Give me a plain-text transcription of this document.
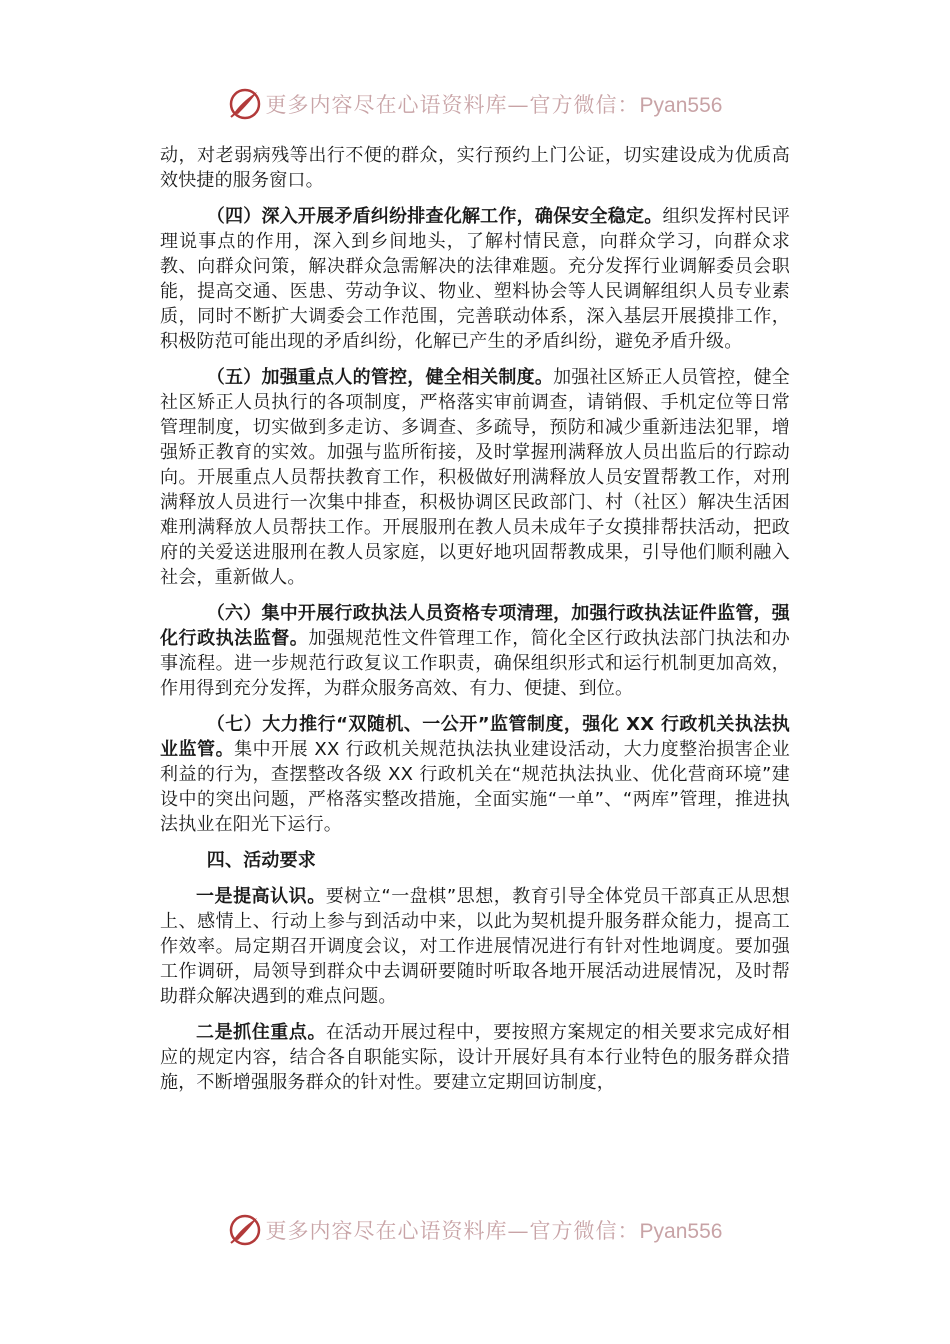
更多内容尽在心语资料库—官方微信：Pyan556

动，对老弱病残等出行不便的群众，实行预约上门公证，切实建设成为优质高效快捷的服务窗口。

（四）深入开展矛盾纠纷排查化解工作，确保安全稳定。组织发挥村民评理说事点的作用，深入到乡间地头，了解村情民意，向群众学习，向群众求教、向群众问策，解决群众急需解决的法律难题。充分发挥行业调解委员会职能，提高交通、医患、劳动争议、物业、塑料协会等人民调解组织人员专业素质，同时不断扩大调委会工作范围，完善联动体系，深入基层开展摸排工作，积极防范可能出现的矛盾纠纷，化解已产生的矛盾纠纷，避免矛盾升级。

（五）加强重点人的管控，健全相关制度。加强社区矫正人员管控，健全社区矫正人员执行的各项制度，严格落实审前调查，请销假、手机定位等日常管理制度，切实做到多走访、多调查、多疏导，预防和减少重新违法犯罪，增强矫正教育的实效。加强与监所衔接，及时掌握刑满释放人员出监后的行踪动向。开展重点人员帮扶教育工作，积极做好刑满释放人员安置帮教工作，对刑满释放人员进行一次集中排查，积极协调区民政部门、村（社区）解决生活困难刑满释放人员帮扶工作。开展服刑在教人员未成年子女摸排帮扶活动，把政府的关爱送进服刑在教人员家庭，以更好地巩固帮教成果，引导他们顺利融入社会，重新做人。

（六）集中开展行政执法人员资格专项清理，加强行政执法证件监管，强化行政执法监督。加强规范性文件管理工作，简化全区行政执法部门执法和办事流程。进一步规范行政复议工作职责，确保组织形式和运行机制更加高效，作用得到充分发挥，为群众服务高效、有力、便捷、到位。

（七）大力推行“双随机、一公开”监管制度，强化 XX 行政机关执法执业监管。集中开展 XX 行政机关规范执法执业建设活动，大力度整治损害企业利益的行为，查摆整改各级 XX 行政机关在“规范执法执业、优化营商环境”建设中的突出问题，严格落实整改措施，全面实施“一单”、“两库”管理，推进执法执业在阳光下运行。

四、活动要求

一是提高认识。要树立“一盘棋”思想，教育引导全体党员干部真正从思想上、感情上、行动上参与到活动中来，以此为契机提升服务群众能力，提高工作效率。局定期召开调度会议，对工作进展情况进行有针对性地调度。要加强工作调研，局领导到群众中去调研要随时听取各地开展活动进展情况，及时帮助群众解决遇到的难点问题。

二是抓住重点。在活动开展过程中，要按照方案规定的相关要求完成好相应的规定内容，结合各自职能实际，设计开展好具有本行业特色的服务群众措施，不断增强服务群众的针对性。要建立定期回访制度，

更多内容尽在心语资料库—官方微信：Pyan556
